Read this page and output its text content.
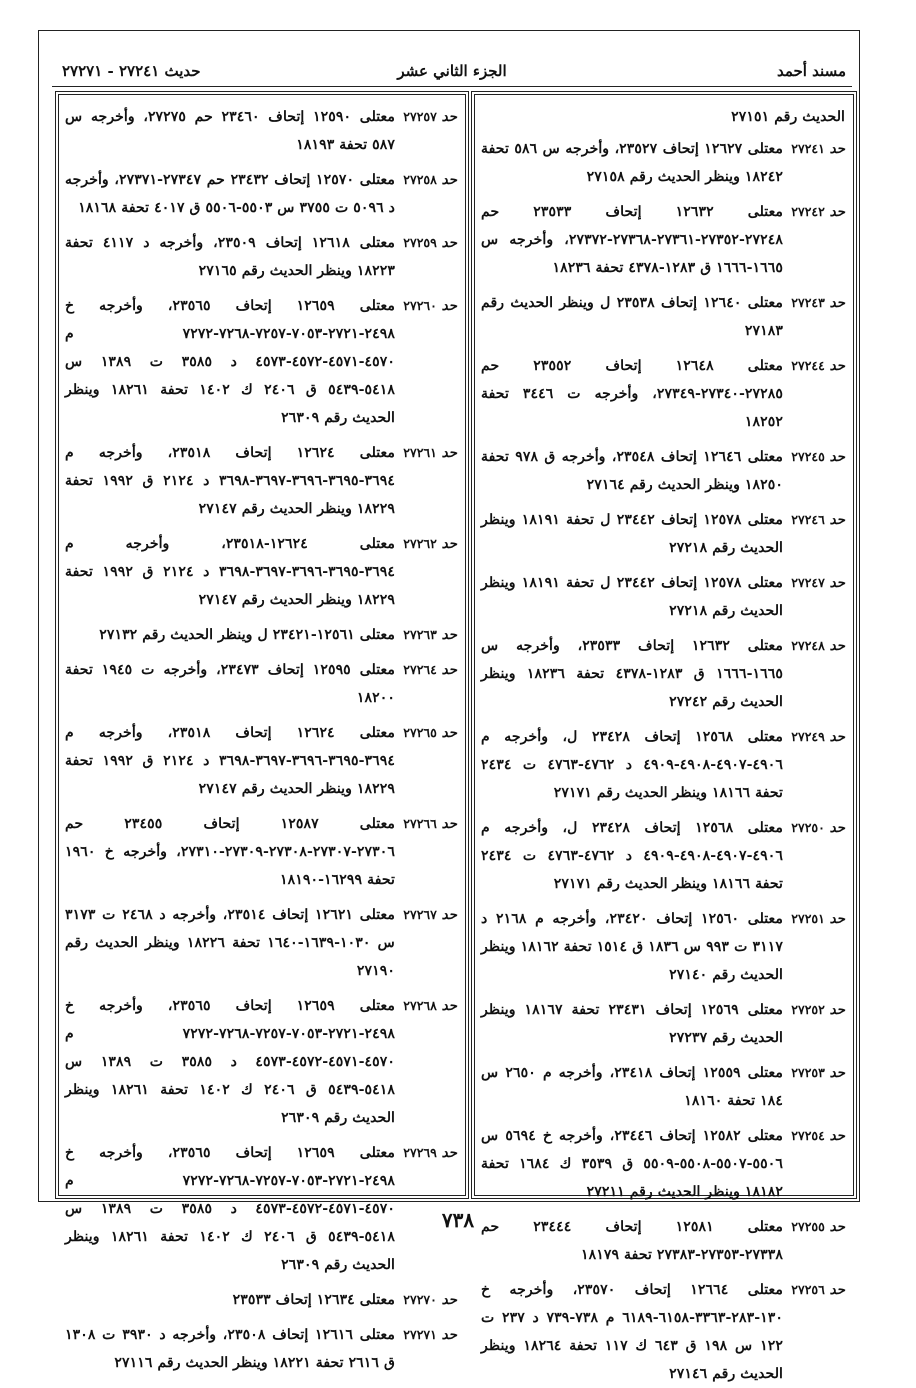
مسند أحمد
الجزء الثاني عشر
حديث ٢٧٢٤١ - ٢٧٢٧١
الحديث رقم ٢٧١٥١
حد ٢٧٢٤١
معتلى ١٢٦٢٧ إتحاف ٢٣٥٢٧، وأخرجه س ٥٨٦ تحفة ١٨٢٤٢ وينظر الحديث رقم ٢٧١٥٨
حد ٢٧٢٤٢
معتلى ١٢٦٣٢ إتحاف ٢٣٥٣٣ حم ٢٧٢٤٨-٢٧٣٥٢-٢٧٣٦١-٢٧٣٦٨-٢٧٣٧٢، وأخرجه س ١٦٦٥-١٦٦٦ ق ١٢٨٣-٤٣٧٨ تحفة ١٨٢٣٦
حد ٢٧٢٤٣
معتلى ١٢٦٤٠ إتحاف ٢٣٥٣٨ ل وينظر الحديث رقم ٢٧١٨٣
حد ٢٧٢٤٤
معتلى ١٢٦٤٨ إتحاف ٢٣٥٥٢ حم ٢٧٢٨٥-٢٧٣٤٠-٢٧٣٤٩، وأخرجه ت ٣٤٤٦ تحفة ١٨٢٥٢
حد ٢٧٢٤٥
معتلى ١٢٦٤٦ إتحاف ٢٣٥٤٨، وأخرجه ق ٩٧٨ تحفة ١٨٢٥٠ وينظر الحديث رقم ٢٧١٦٤
حد ٢٧٢٤٦
معتلى ١٢٥٧٨ إتحاف ٢٣٤٤٢ ل تحفة ١٨١٩١ وينظر الحديث رقم ٢٧٢١٨
حد ٢٧٢٤٧
معتلى ١٢٥٧٨ إتحاف ٢٣٤٤٢ ل تحفة ١٨١٩١ وينظر الحديث رقم ٢٧٢١٨
حد ٢٧٢٤٨
معتلى ١٢٦٣٢ إتحاف ٢٣٥٣٣، وأخرجه س ١٦٦٥-١٦٦٦ ق ١٢٨٣-٤٣٧٨ تحفة ١٨٢٣٦ وينظر الحديث رقم ٢٧٢٤٢
حد ٢٧٢٤٩
معتلى ١٢٥٦٨ إتحاف ٢٣٤٢٨ ل، وأخرجه م ٤٩٠٦-٤٩٠٧-٤٩٠٨-٤٩٠٩ د ٤٧٦٢-٤٧٦٣ ت ٢٤٣٤ تحفة ١٨١٦٦ وينظر الحديث رقم ٢٧١٧١
حد ٢٧٢٥٠
معتلى ١٢٥٦٨ إتحاف ٢٣٤٢٨ ل، وأخرجه م ٤٩٠٦-٤٩٠٧-٤٩٠٨-٤٩٠٩ د ٤٧٦٢-٤٧٦٣ ت ٢٤٣٤ تحفة ١٨١٦٦ وينظر الحديث رقم ٢٧١٧١
حد ٢٧٢٥١
معتلى ١٢٥٦٠ إتحاف ٢٣٤٢٠، وأخرجه م ٢١٦٨ د ٣١١٧ ت ٩٩٣ س ١٨٣٦ ق ١٥١٤ تحفة ١٨١٦٢ وينظر الحديث رقم ٢٧١٤٠
حد ٢٧٢٥٢
معتلى ١٢٥٦٩ إتحاف ٢٣٤٣١ تحفة ١٨١٦٧ وينظر الحديث رقم ٢٧٢٣٧
حد ٢٧٢٥٣
معتلى ١٢٥٥٩ إتحاف ٢٣٤١٨، وأخرجه م ٢٦٥٠ س ١٨٤ تحفة ١٨١٦٠
حد ٢٧٢٥٤
معتلى ١٢٥٨٢ إتحاف ٢٣٤٤٦، وأخرجه خ ٥٦٩٤ س ٥٥٠٦-٥٥٠٧-٥٥٠٨-٥٥٠٩ ق ٣٥٣٩ ك ١٦٨٤ تحفة ١٨١٨٢ وينظر الحديث رقم ٢٧٢١١
حد ٢٧٢٥٥
معتلى ١٢٥٨١ إتحاف ٢٣٤٤٤ حم ٢٧٣٣٨-٢٧٣٥٣-٢٧٣٨٣ تحفة ١٨١٧٩
حد ٢٧٢٥٦
معتلى ١٢٦٦٤ إتحاف ٢٣٥٧٠، وأخرجه خ ١٣٠-٢٨٣-٣٣٦٣-٦١٥٨-٦١٨٩ م ٧٣٨-٧٣٩ د ٢٣٧ ت ١٢٢ س ١٩٨ ق ٦٤٣ ك ١١٧ تحفة ١٨٢٦٤ وينظر الحديث رقم ٢٧١٤٦
حد ٢٧٢٥٧
معتلى ١٢٥٩٠ إتحاف ٢٣٤٦٠ حم ٢٧٢٧٥، وأخرجه س ٥٨٧ تحفة ١٨١٩٣
حد ٢٧٢٥٨
معتلى ١٢٥٧٠ إتحاف ٢٣٤٣٢ حم ٢٧٣٤٧-٢٧٣٧١، وأخرجه د ٥٠٩٦ ت ٣٧٥٥ س ٥٥٠٣-٥٥٠٦ ق ٤٠١٧ تحفة ١٨١٦٨
حد ٢٧٢٥٩
معتلى ١٢٦١٨ إتحاف ٢٣٥٠٩، وأخرجه د ٤١١٧ تحفة ١٨٢٢٣ وينظر الحديث رقم ٢٧١٦٥
حد ٢٧٢٦٠
معتلى ١٢٦٥٩ إتحاف ٢٣٥٦٥، وأخرجه خ ٢٤٩٨-٢٧٢١-٧٠٥٣-٧٢٥٧-٧٢٦٨-٧٢٧٢ م ٤٥٧٠-٤٥٧١-٤٥٧٢-٤٥٧٣ د ٣٥٨٥ ت ١٣٨٩ س ٥٤١٨-٥٤٣٩ ق ٢٤٠٦ ك ١٤٠٢ تحفة ١٨٢٦١ وينظر الحديث رقم ٢٦٣٠٩
حد ٢٧٢٦١
معتلى ١٢٦٢٤ إتحاف ٢٣٥١٨، وأخرجه م ٣٦٩٤-٣٦٩٥-٣٦٩٦-٣٦٩٧-٣٦٩٨ د ٢١٢٤ ق ١٩٩٢ تحفة ١٨٢٢٩ وينظر الحديث رقم ٢٧١٤٧
حد ٢٧٢٦٢
معتلى ١٢٦٢٤-٢٣٥١٨، وأخرجه م ٣٦٩٤-٣٦٩٥-٣٦٩٦-٣٦٩٧-٣٦٩٨ د ٢١٢٤ ق ١٩٩٢ تحفة ١٨٢٢٩ وينظر الحديث رقم ٢٧١٤٧
حد ٢٧٢٦٣
معتلى ١٢٥٦١-٢٣٤٢١ ل وينظر الحديث رقم ٢٧١٣٢
حد ٢٧٢٦٤
معتلى ١٢٥٩٥ إتحاف ٢٣٤٧٣، وأخرجه ت ١٩٤٥ تحفة ١٨٢٠٠
حد ٢٧٢٦٥
معتلى ١٢٦٢٤ إتحاف ٢٣٥١٨، وأخرجه م ٣٦٩٤-٣٦٩٥-٣٦٩٦-٣٦٩٧-٣٦٩٨ د ٢١٢٤ ق ١٩٩٢ تحفة ١٨٢٢٩ وينظر الحديث رقم ٢٧١٤٧
حد ٢٧٢٦٦
معتلى ١٢٥٨٧ إتحاف ٢٣٤٥٥ حم ٢٧٣٠٦-٢٧٣٠٧-٢٧٣٠٨-٢٧٣٠٩-٢٧٣١٠، وأخرجه خ ١٩٦٠ تحفة ١٦٢٩٩-١٨١٩٠
حد ٢٧٢٦٧
معتلى ١٢٦٢١ إتحاف ٢٣٥١٤، وأخرجه د ٢٤٦٨ ت ٣١٧٣ س ١٠٣٠-١٦٣٩-١٦٤٠ تحفة ١٨٢٢٦ وينظر الحديث رقم ٢٧١٩٠
حد ٢٧٢٦٨
معتلى ١٢٦٥٩ إتحاف ٢٣٥٦٥، وأخرجه خ ٢٤٩٨-٢٧٢١-٧٠٥٣-٧٢٥٧-٧٢٦٨-٧٢٧٢ م ٤٥٧٠-٤٥٧١-٤٥٧٢-٤٥٧٣ د ٣٥٨٥ ت ١٣٨٩ س ٥٤١٨-٥٤٣٩ ق ٢٤٠٦ ك ١٤٠٢ تحفة ١٨٢٦١ وينظر الحديث رقم ٢٦٣٠٩
حد ٢٧٢٦٩
معتلى ١٢٦٥٩ إتحاف ٢٣٥٦٥، وأخرجه خ ٢٤٩٨-٢٧٢١-٧٠٥٣-٧٢٥٧-٧٢٦٨-٧٢٧٢ م ٤٥٧٠-٤٥٧١-٤٥٧٢-٤٥٧٣ د ٣٥٨٥ ت ١٣٨٩ س ٥٤١٨-٥٤٣٩ ق ٢٤٠٦ ك ١٤٠٢ تحفة ١٨٢٦١ وينظر الحديث رقم ٢٦٣٠٩
حد ٢٧٢٧٠
معتلى ١٢٦٣٤ إتحاف ٢٣٥٣٣
حد ٢٧٢٧١
معتلى ١٢٦١٦ إتحاف ٢٣٥٠٨، وأخرجه د ٣٩٣٠ ت ١٣٠٨ ق ٢٦١٦ تحفة ١٨٢٢١ وينظر الحديث رقم ٢٧١١٦
٧٣٨
